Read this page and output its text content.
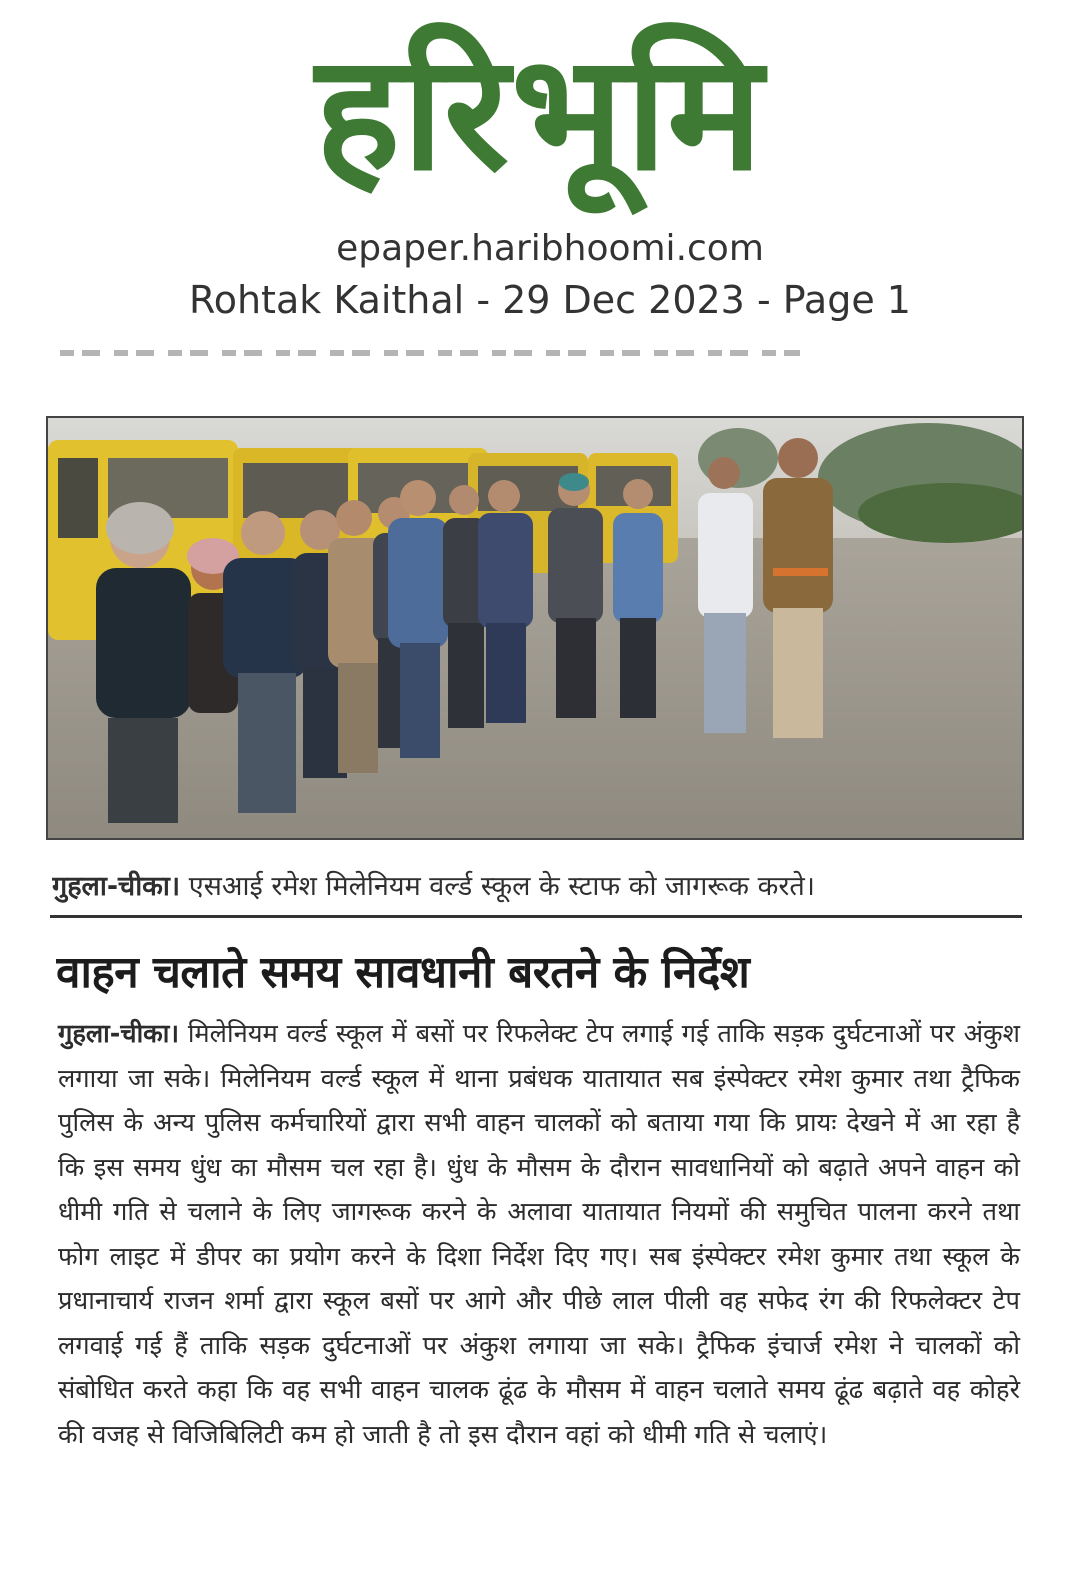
हरिभूमि
epaper.haribhoomi.com
Rohtak Kaithal - 29 Dec 2023 - Page 1
गुहला-चीका। एसआई रमेश मिलेनियम वर्ल्ड स्कूल के स्टाफ को जागरूक करते।
वाहन चलाते समय सावधानी बरतने के निर्देश
गुहला-चीका। मिलेनियम वर्ल्ड स्कूल में बसों पर रिफलेक्ट टेप लगाई गई ताकि सड़क दुर्घटनाओं पर अंकुश लगाया जा सके। मिलेनियम वर्ल्ड स्कूल में थाना प्रबंधक यातायात सब इंस्पेक्टर रमेश कुमार तथा ट्रैफिक पुलिस के अन्य पुलिस कर्मचारियों द्वारा सभी वाहन चालकों को बताया गया कि प्रायः देखने में आ रहा है कि इस समय धुंध का मौसम चल रहा है। धुंध के मौसम के दौरान सावधानियों को बढ़ाते अपने वाहन को धीमी गति से चलाने के लिए जागरूक करने के अलावा यातायात नियमों की समुचित पालना करने तथा फोग लाइट में डीपर का प्रयोग करने के दिशा निर्देश दिए गए। सब इंस्पेक्टर रमेश कुमार तथा स्कूल के प्रधानाचार्य राजन शर्मा द्वारा स्कूल बसों पर आगे और पीछे लाल पीली वह सफेद रंग की रिफलेक्टर टेप लगवाई गई हैं ताकि सड़क दुर्घटनाओं पर अंकुश लगाया जा सके। ट्रैफिक इंचार्ज रमेश ने चालकों को संबोधित करते कहा कि वह सभी वाहन चालक ढूंढ के मौसम में वाहन चलाते समय ढूंढ बढ़ाते वह कोहरे की वजह से विजिबिलिटी कम हो जाती है तो इस दौरान वहां को धीमी गति से चलाएं।
